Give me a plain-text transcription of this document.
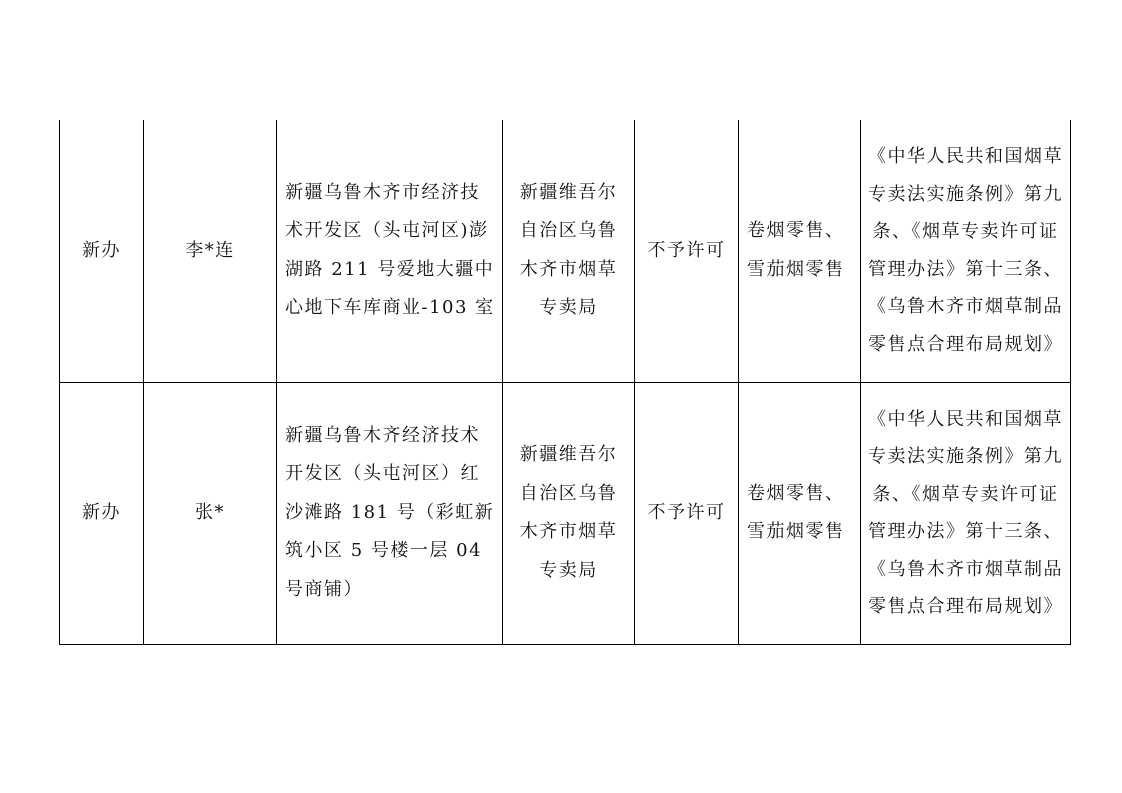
新办	李*连	新疆乌鲁木齐市经济技术开发区（头屯河区)澎湖路 211 号爱地大疆中心地下车库商业-103 室	新疆维吾尔自治区乌鲁木齐市烟草专卖局	不予许可	卷烟零售、雪茄烟零售	《中华人民共和国烟草专卖法实施条例》第九条、《烟草专卖许可证管理办法》第十三条、《乌鲁木齐市烟草制品零售点合理布局规划》

新办	张*	新疆乌鲁木齐经济技术开发区（头屯河区）红沙滩路 181 号（彩虹新筑小区 5 号楼一层 04 号商铺）	新疆维吾尔自治区乌鲁木齐市烟草专卖局	不予许可	卷烟零售、雪茄烟零售	《中华人民共和国烟草专卖法实施条例》第九条、《烟草专卖许可证管理办法》第十三条、《乌鲁木齐市烟草制品零售点合理布局规划》
